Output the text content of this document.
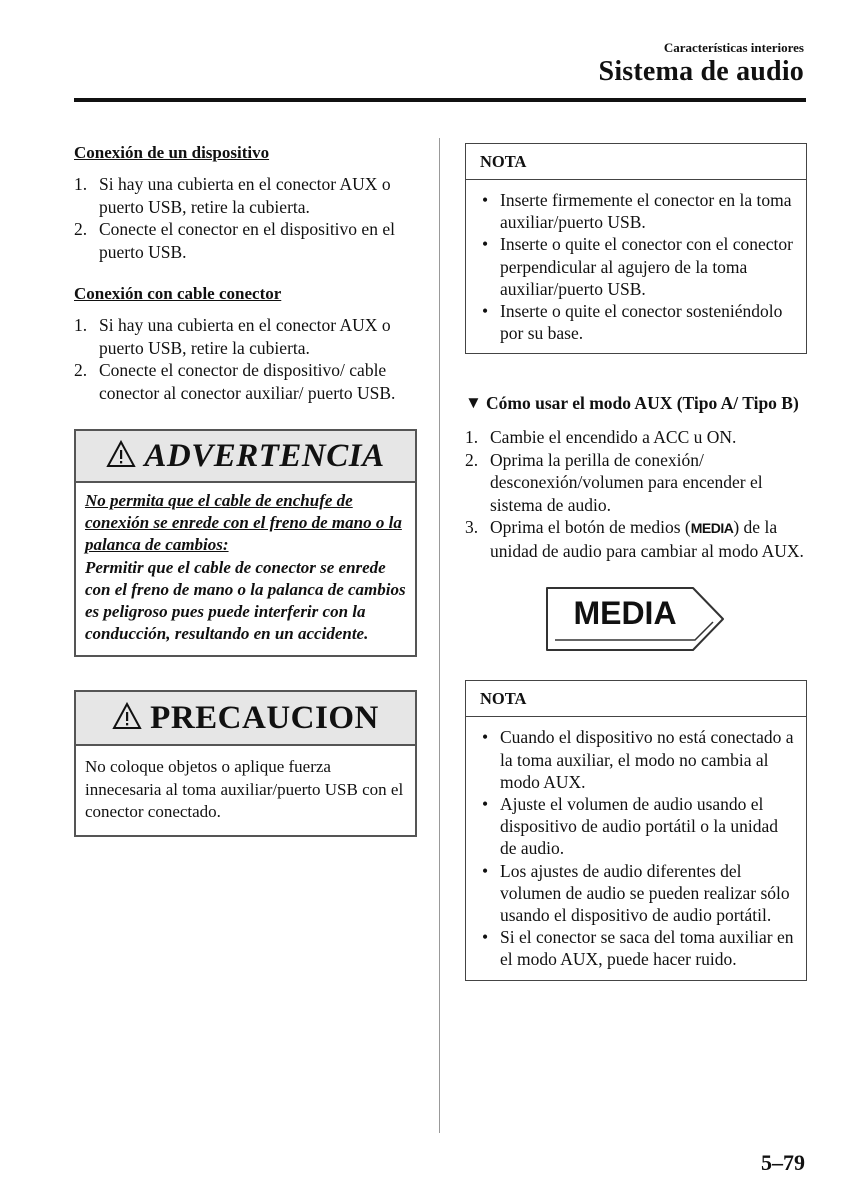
Características interiores
Sistema de audio
Conexión de un dispositivo
1. Si hay una cubierta en el conector AUX o puerto USB, retire la cubierta.
2. Conecte el conector en el dispositivo en el puerto USB.
Conexión con cable conector
1. Si hay una cubierta en el conector AUX o puerto USB, retire la cubierta.
2. Conecte el conector de dispositivo/ cable conector al conector auxiliar/ puerto USB.
ADVERTENCIA
No permita que el cable de enchufe de conexión se enrede con el freno de mano o la palanca de cambios:
Permitir que el cable de conector se enrede con el freno de mano o la palanca de cambios es peligroso pues puede interferir con la conducción, resultando en un accidente.
PRECAUCION
No coloque objetos o aplique fuerza innecesaria al toma auxiliar/puerto USB con el conector conectado.
NOTA
• Inserte firmemente el conector en la toma auxiliar/puerto USB.
• Inserte o quite el conector con el conector perpendicular al agujero de la toma auxiliar/puerto USB.
• Inserte o quite el conector sosteniéndolo por su base.
▼ Cómo usar el modo AUX (Tipo A/ Tipo B)
1. Cambie el encendido a ACC u ON.
2. Oprima la perilla de conexión/ desconexión/volumen para encender el sistema de audio.
3. Oprima el botón de medios (MEDIA) de la unidad de audio para cambiar al modo AUX.
MEDIA
NOTA
• Cuando el dispositivo no está conectado a la toma auxiliar, el modo no cambia al modo AUX.
• Ajuste el volumen de audio usando el dispositivo de audio portátil o la unidad de audio.
• Los ajustes de audio diferentes del volumen de audio se pueden realizar sólo usando el dispositivo de audio portátil.
• Si el conector se saca del toma auxiliar en el modo AUX, puede hacer ruido.
5–79
